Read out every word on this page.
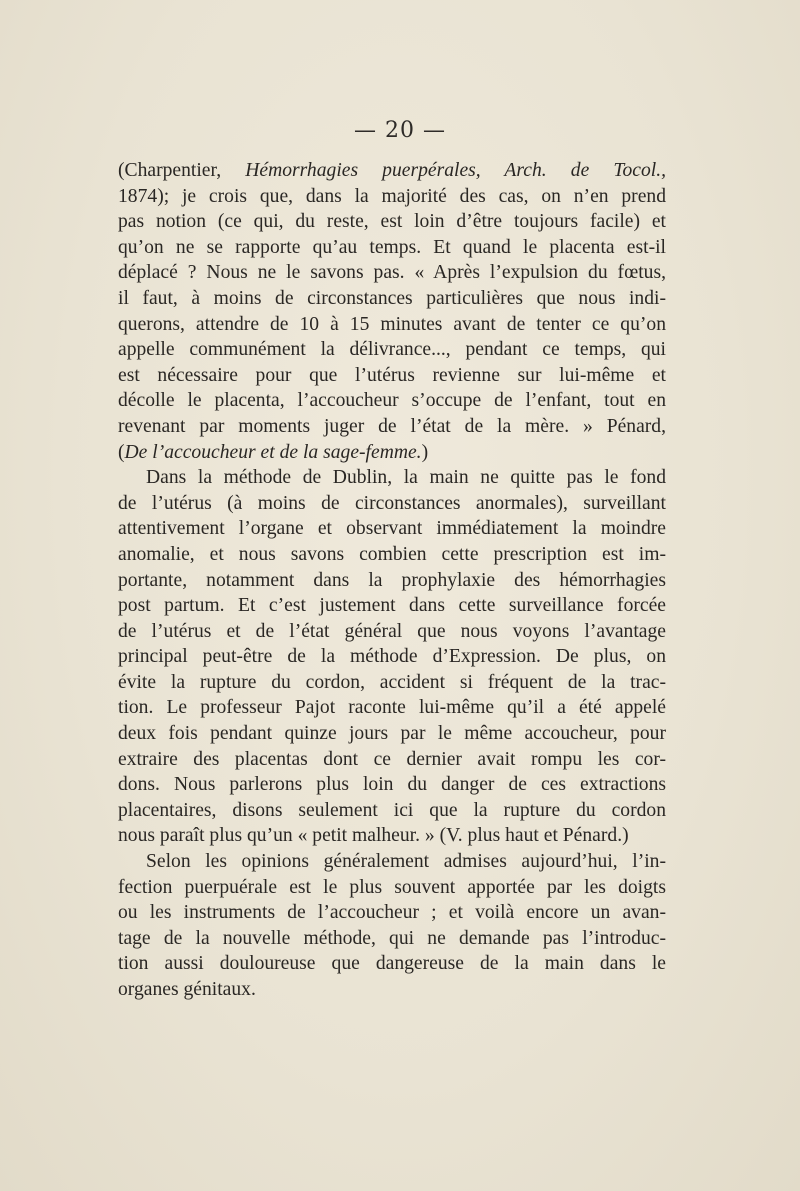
— 20 —
(Charpentier, Hémorrhagies puerpérales, Arch. de Tocol.,
1874); je crois que, dans la majorité des cas, on n’en prend
pas notion (ce qui, du reste, est loin d’être toujours facile) et
qu’on ne se rapporte qu’au temps. Et quand le placenta est-il
déplacé ? Nous ne le savons pas. « Après l’expulsion du fœtus,
il faut, à moins de circonstances particulières que nous indi-
querons, attendre de 10 à 15 minutes avant de tenter ce qu’on
appelle communément la délivrance..., pendant ce temps, qui
est nécessaire pour que l’utérus revienne sur lui-même et
décolle le placenta, l’accoucheur s’occupe de l’enfant, tout en
revenant par moments juger de l’état de la mère. » Pénard,
(De l’accoucheur et de la sage-femme.)
Dans la méthode de Dublin, la main ne quitte pas le fond
de l’utérus (à moins de circonstances anormales), surveillant
attentivement l’organe et observant immédiatement la moindre
anomalie, et nous savons combien cette prescription est im-
portante, notamment dans la prophylaxie des hémorrhagies
post partum. Et c’est justement dans cette surveillance forcée
de l’utérus et de l’état général que nous voyons l’avantage
principal peut-être de la méthode d’Expression. De plus, on
évite la rupture du cordon, accident si fréquent de la trac-
tion. Le professeur Pajot raconte lui-même qu’il a été appelé
deux fois pendant quinze jours par le même accoucheur, pour
extraire des placentas dont ce dernier avait rompu les cor-
dons. Nous parlerons plus loin du danger de ces extractions
placentaires, disons seulement ici que la rupture du cordon
nous paraît plus qu’un « petit malheur. » (V. plus haut et Pénard.)
Selon les opinions généralement admises aujourd’hui, l’in-
fection puerpuérale est le plus souvent apportée par les doigts
ou les instruments de l’accoucheur ; et voilà encore un avan-
tage de la nouvelle méthode, qui ne demande pas l’introduc-
tion aussi douloureuse que dangereuse de la main dans le
organes génitaux.
